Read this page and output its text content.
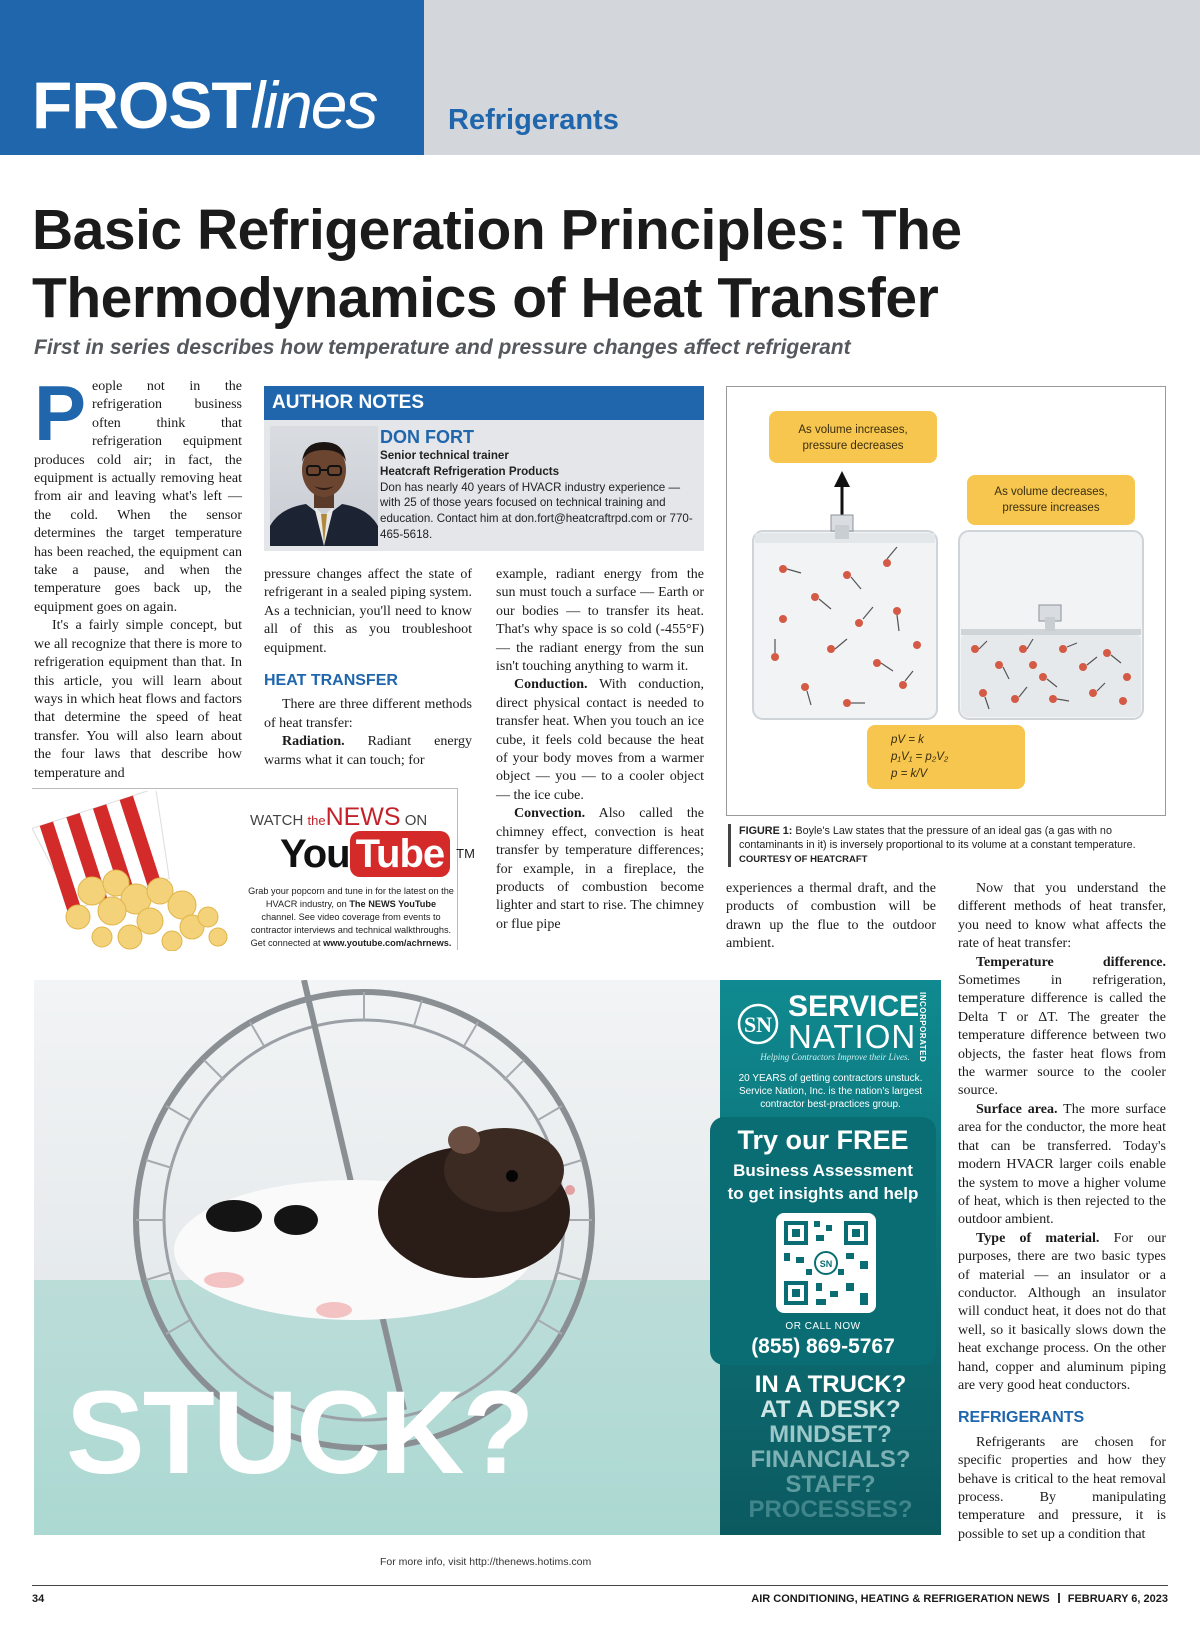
FROSTlines Refrigerants
Basic Refrigeration Principles: The Thermodynamics of Heat Transfer
First in series describes how temperature and pressure changes affect refrigerant

People not in the refrigeration business often think that refrigeration equipment produces cold air; in fact, the equipment is actually removing heat from air and leaving what's left — the cold. When the sensor determines the target temperature has been reached, the equipment can take a pause, and when the temperature goes back up, the equipment goes on again.

It's a fairly simple concept, but we all recognize that there is more to refrigeration equipment than that. In this article, you will learn about ways in which heat flows and factors that determine the speed of heat transfer. You will also learn about the four laws that describe how temperature and

AUTHOR NOTES
DON FORT
Senior technical trainer
Heatcraft Refrigeration Products
Don has nearly 40 years of HVACR industry experience — with 25 of those years focused on technical training and education. Contact him at don.fort@heatcraftrpd.com or 770-465-5618.

pressure changes affect the state of refrigerant in a sealed piping system. As a technician, you'll need to know all of this as you troubleshoot equipment.

HEAT TRANSFER

There are three different methods of heat transfer:

Radiation. Radiant energy warms what it can touch; for

example, radiant energy from the sun must touch a surface — Earth or our bodies — to transfer its heat. That's why space is so cold (-455°F) — the radiant energy from the sun isn't touching anything to warm it.

Conduction. With conduction, direct physical contact is needed to transfer heat. When you touch an ice cube, it feels cold because the heat of your body moves from a warmer object — you — to a cooler object — the ice cube.

Convection. Also called the chimney effect, convection is heat transfer by temperature differences; for example, in a fireplace, the products of combustion become lighter and start to rise. The chimney or flue pipe

WATCH theNEWS ON
You Tube ™
Grab your popcorn and tune in for the latest on the HVACR industry, on The NEWS YouTube channel. See video coverage from events to contractor interviews and technical walkthroughs. Get connected at www.youtube.com/achrnews.
As volume increases,
pressure decreases
As volume decreases,
pressure increases
pV = k
p₁V₁ = p₂V₂
p = k/V
FIGURE 1: Boyle's Law states that the pressure of an ideal gas (a gas with no contaminants in it) is inversely proportional to its volume at a constant temperature. COURTESY OF HEATCRAFT

experiences a thermal draft, and the products of combustion will be drawn up the flue to the outdoor ambient.

Now that you understand the different methods of heat transfer, you need to know what affects the rate of heat transfer:

Temperature difference. Sometimes in refrigeration, temperature difference is called the Delta T or ΔT. The greater the temperature difference between two objects, the faster heat flows from the warmer source to the cooler source.

Surface area. The more surface area for the conductor, the more heat that can be transferred. Today's modern HVACR larger coils enable the system to move a higher volume of heat, which is then rejected to the outdoor ambient.

Type of material. For our purposes, there are two basic types of material — an insulator or a conductor. Although an insulator will conduct heat, it does not do that well, so it basically slows down the heat exchange process. On the other hand, copper and aluminum piping are very good heat conductors.

REFRIGERANTS

Refrigerants are chosen for specific properties and how they behave is critical to the heat removal process. By manipulating temperature and pressure, it is possible to set up a condition that

STUCK?
SN
SERVICE
NATION INCORPORATED
Helping Contractors Improve their Lives.
20 YEARS of getting contractors unstuck. Service Nation, Inc. is the nation's largest contractor best-practices group.
Try our FREE
Business Assessment
to get insights and help
SN
OR CALL NOW
(855) 869-5767
IN A TRUCK?
AT A DESK?
MINDSET?
FINANCIALS?
STAFF?
PROCESSES?
For more info, visit http://thenews.hotims.com
34	AIR CONDITIONING, HEATING & REFRIGERATION NEWS FEBRUARY 6, 2023
